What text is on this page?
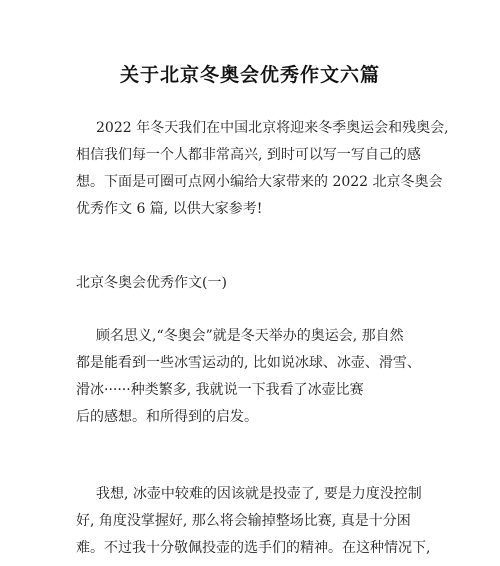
关于北京冬奥会优秀作文六篇
2022 年冬天我们在中国北京将迎来冬季奥运会和残奥会,
相信我们每一个人都非常高兴, 到时可以写一写自己的感
想。下面是可圈可点网小编给大家带来的 2022 北京冬奥会
优秀作文 6 篇, 以供大家参考!
北京冬奥会优秀作文(一)
顾名思义,“冬奥会”就是冬天举办的奥运会, 那自然
都是能看到一些冰雪运动的, 比如说冰球、冰壶、滑雪、
滑冰······种类繁多, 我就说一下我看了冰壶比赛
后的感想。和所得到的启发。
我想, 冰壶中较难的因该就是投壶了, 要是力度没控制
好, 角度没掌握好, 那么将会输掉整场比赛, 真是十分困
难。不过我十分敬佩投壶的选手们的精神。在这种情况下,
